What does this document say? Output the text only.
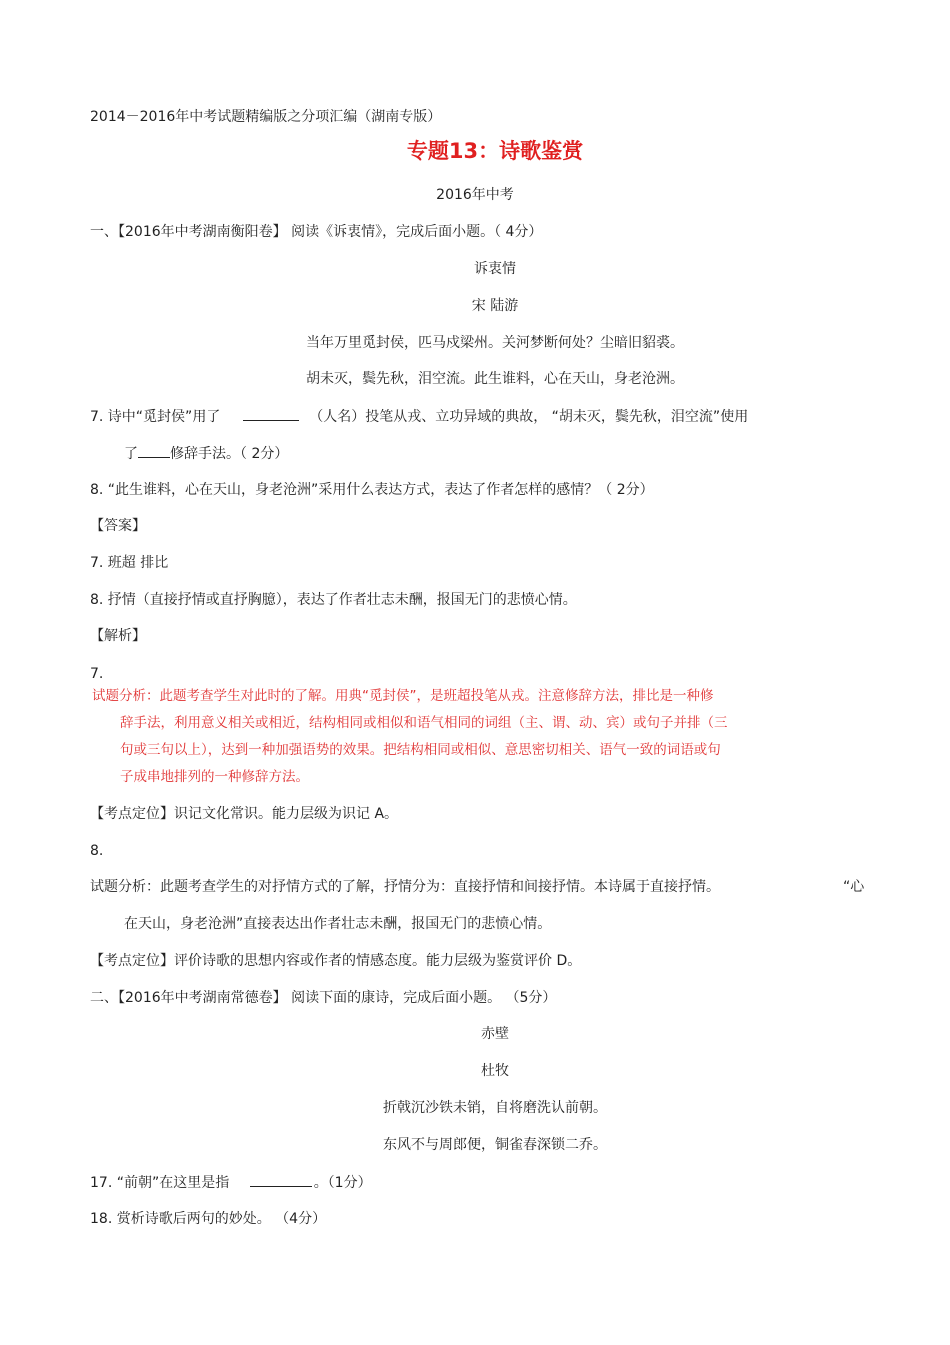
2014－2016年中考试题精编版之分项汇编（湖南专版）
专题13：诗歌鉴赏
2016年中考
一、【2016年中考湖南衡阳卷】 阅读《诉衷情》，完成后面小题。（ 4分）
诉衷情
宋 陆游
当年万里觅封侯，匹马戍梁州。关河梦断何处？尘暗旧貂裘。
胡未灭，鬓先秋，泪空流。此生谁料，心在天山，身老沧洲。
7. 诗中“觅封侯”用了	（人名）投笔从戎、立功异域的典故， “胡未灭，鬓先秋，泪空流”使用
了 修辞手法。（ 2分）
8. “此生谁料，心在天山，身老沧洲”采用什么表达方式，表达了作者怎样的感情？（ 2分）
【答案】
7. 班超 排比
8. 抒情（直接抒情或直抒胸臆），表达了作者壮志未酬，报国无门的悲愤心情。
【解析】
7.
试题分析：此题考查学生对此时的了解。用典“觅封侯”，是班超投笔从戎。注意修辞方法，排比是一种修
辞手法，利用意义相关或相近，结构相同或相似和语气相同的词组（主、谓、动、宾）或句子并排（三
句或三句以上），达到一种加强语势的效果。把结构相同或相似、意思密切相关、语气一致的词语或句
子成串地排列的一种修辞方法。
【考点定位】识记文化常识。能力层级为识记 A。
8.
试题分析：此题考查学生的对抒情方式的了解，抒情分为：直接抒情和间接抒情。本诗属于直接抒情。	“心
在天山，身老沧洲”直接表达出作者壮志未酬，报国无门的悲愤心情。
【考点定位】评价诗歌的思想内容或作者的情感态度。能力层级为鉴赏评价 D。
二、【2016年中考湖南常德卷】 阅读下面的康诗，完成后面小题。 （5分）
赤壁
杜牧
折戟沉沙铁未销，自将磨洗认前朝。
东风不与周郎便，铜雀春深锁二乔。
17. “前朝”在这里是指	。（1分）
18. 赏析诗歌后两句的妙处。 （4分）
